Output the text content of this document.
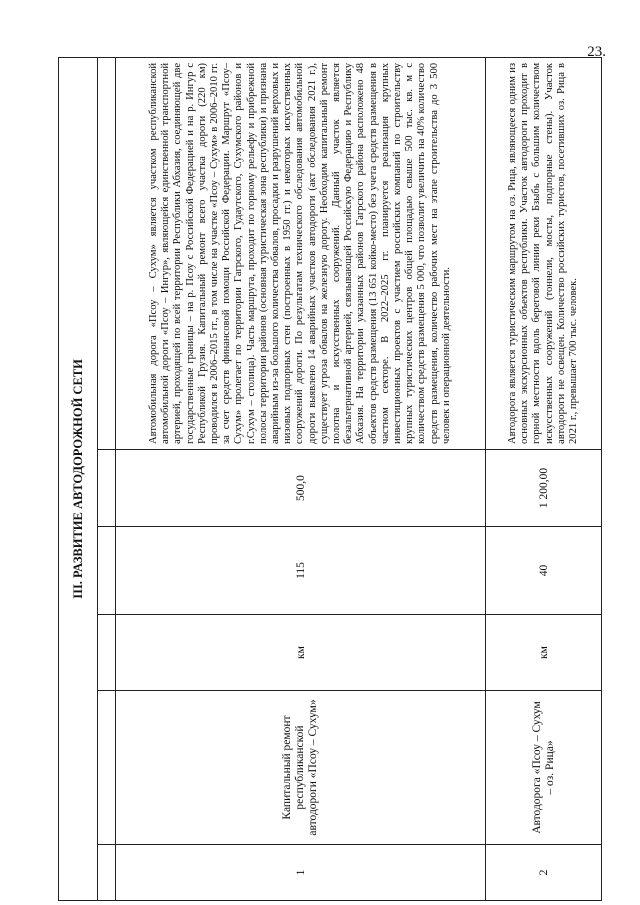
23.
III. РАЗВИТИЕ АВТОДОРОЖНОЙ СЕТИ					

1	Капитальный ремонт республиканской автодороги «Псоу – Сухум»	км	115	500,0	Автомобильная дорога «Псоу – Сухум» является участком республиканской автомобильной дороги «Псоу – Ингур», являющейся единственной транспортной артерией, проходящей по всей территории Республики Абхазия, соединяющей две государственные границы – на р. Псоу с Российской Федерацией и на р. Ингур с Республикой Грузия. Капитальный ремонт всего участка дороги (220 км) проводился в 2006–2015 гг., в том числе на участке «Псоу – Сухум» в 2006–2010 гг. за счет средств финансовой помощи Российской Федерации. Маршрут «Псоу–Сухум» пролегает по территории Гагрского, Гудаутского, Сухумского районов и г.Сухум – столица). Часть маршрута, проходит по горному рельефу и прибрежной полосы территории районов (основная туристическая зона республики) и признана аварийным из-за большого количества обвалов, просадки и разрушений верховых и низовых подпорных стен (построенных в 1950 гг.) и некоторых искусственных сооружений дороги. По результатам технического обследования автомобильной дороги выявлено 14 аварийных участков автодороги (акт обследования 2021 г.), существует угроза обвалов на железную дорогу. Необходим капитальный ремонт полотна и искусственных сооружений. Данный участок является безальтернативной артерией, связывающей Российскую Федерацию и Республику Абхазия. На территории указанных районов Гагрского района расположено 48 объектов средств размещения (13 651 койко-место) без учета средств размещения в частном секторе. В 2022–2025 гг. планируется реализация крупных инвестиционных проектов с участием российских компаний по строительству крупных туристических центров общей площадью свыше 500 тыс. кв. м с количеством средств размещения 5 000, что позволит увеличить на 40% количество средств размещения, количество рабочих мест на этапе строительства до 3 500 человек и операционной деятельности.
2	Автодорога «Псоу – Сухум – оз. Рица»	км	40	1 200,00	Автодорога является туристическим маршрутом на оз. Рица, являющееся одним из основных экскурсионных объектов республики. Участок автодороги проходит в горной местности вдоль береговой линии реки Бзыбь с большим количеством искусственных сооружений (тоннели, мосты, подпорные стены). Участок автодороги не освещен. Количество российских туристов, посетивших оз. Рица в 2021 г., превышает 700 тыс. человек.
